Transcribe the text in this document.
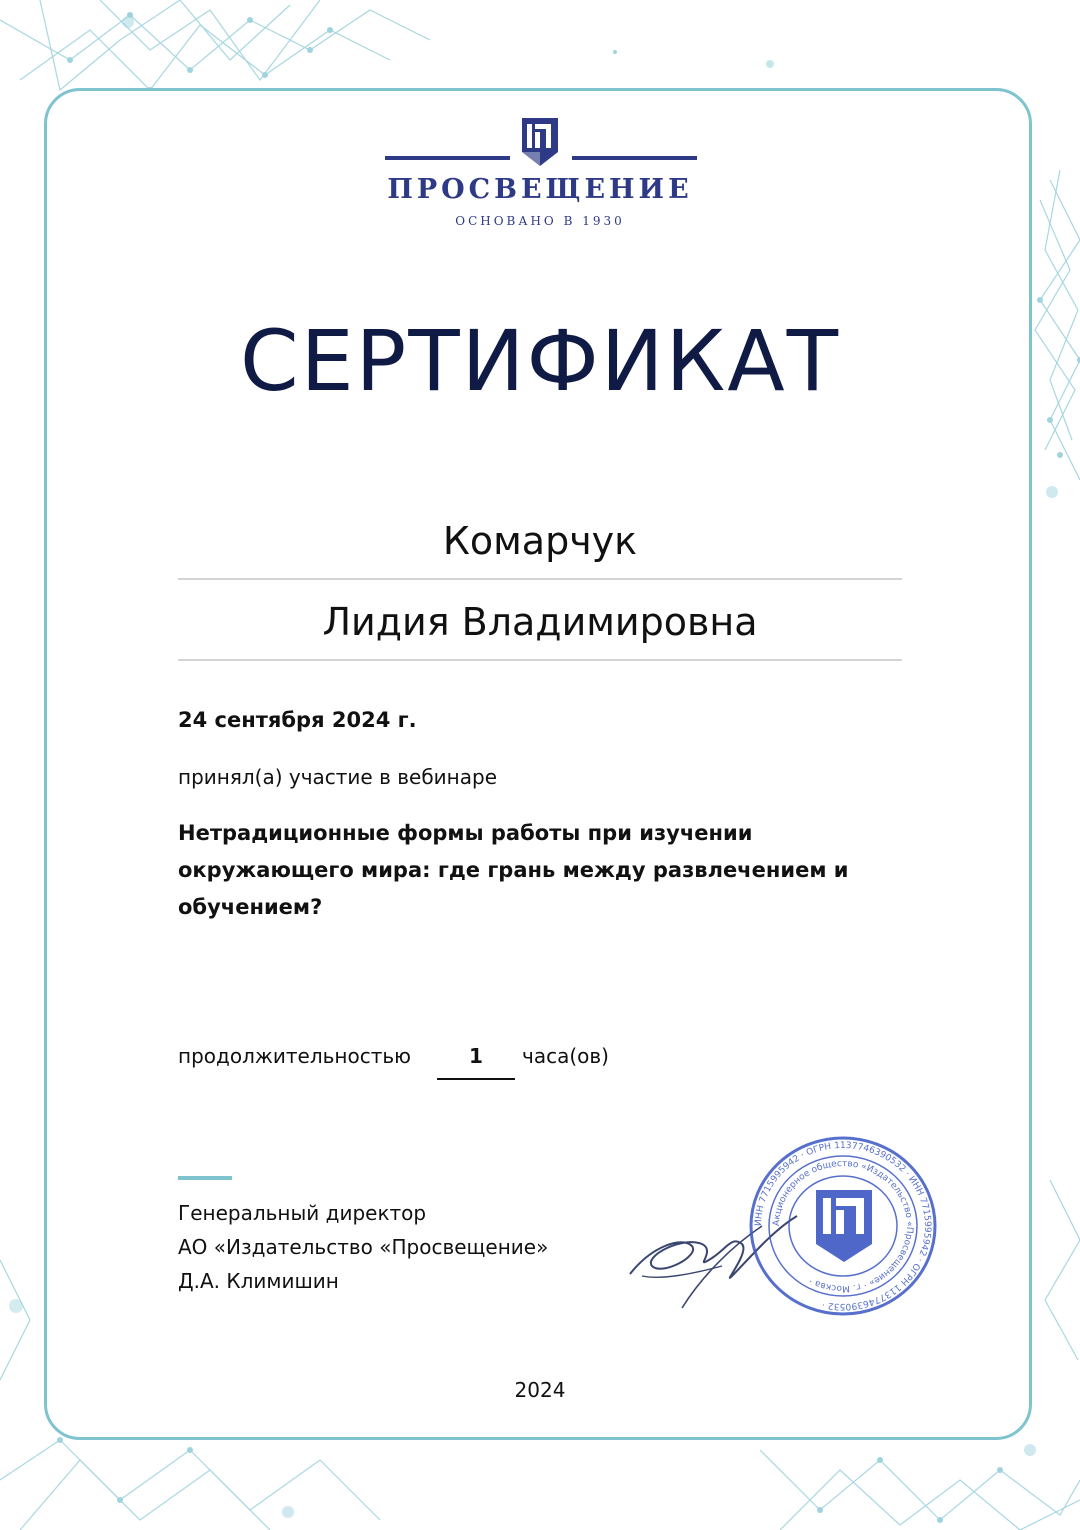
ПРОСВЕЩЕНИЕ
ОСНОВАНО В 1930
СЕРТИФИКАТ
Комарчук
Лидия Владимировна
24 сентября 2024 г.
принял(а) участие в вебинаре
Нетрадиционные формы работы при изучении окружающего мира: где грань между развлечением и обучением?
продолжительностью	1	часа(ов)
Генеральный директор
АО «Издательство «Просвещение»
Д.А. Климишин
ИНН 7715995942 · ОГРН 1137746390532 · ИНН 7715995942 · ОГРН 1137746390532 ·
Акционерное общество «Издательство «Просвещение» · г. Москва ·
2024
